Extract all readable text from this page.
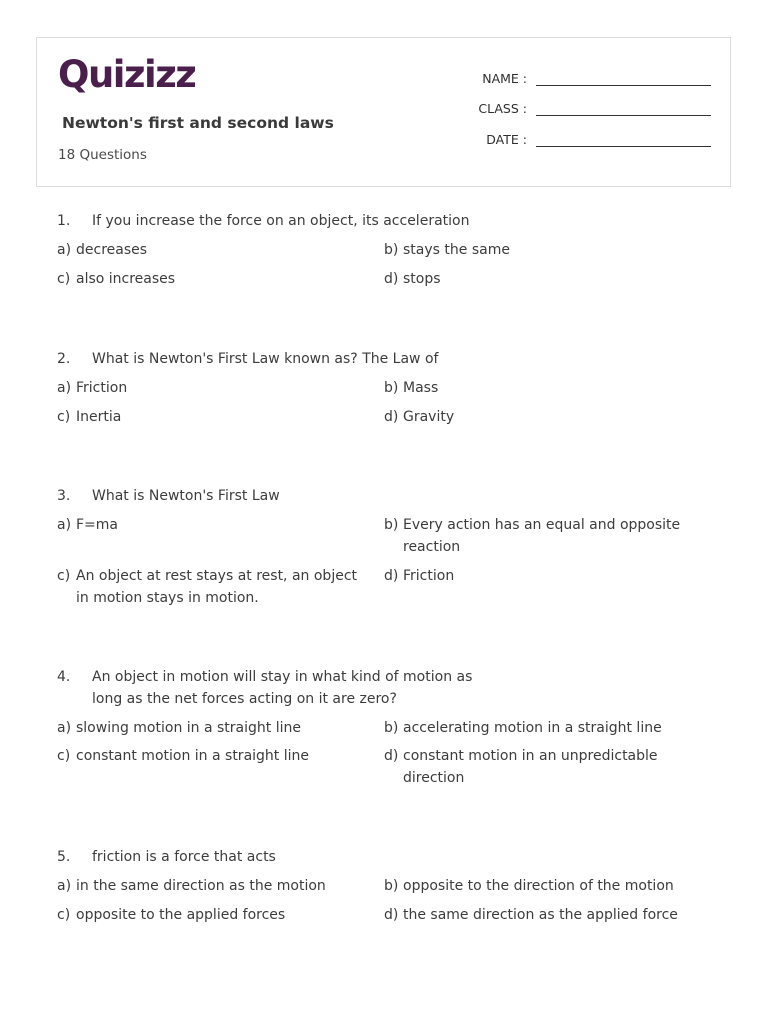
Quizizz
Newton's first and second laws
18 Questions
NAME :
CLASS :
DATE :
1. If you increase the force on an object, its acceleration
a) decreases	b) stays the same
c) also increases	d) stops
2. What is Newton's First Law known as? The Law of
a) Friction	b) Mass
c) Inertia	d) Gravity
3. What is Newton's First Law
a) F=ma	b) Every action has an equal and opposite reaction
c) An object at rest stays at rest, an object in motion stays in motion.
d) Friction
4. An object in motion will stay in what kind of motion as long as the net forces acting on it are zero?
a) slowing motion in a straight line	b) accelerating motion in a straight line
c) constant motion in a straight line	d) constant motion in an unpredictable direction
5. friction is a force that acts
a) in the same direction as the motion	b) opposite to the direction of the motion
c) opposite to the applied forces	d) the same direction as the applied force
